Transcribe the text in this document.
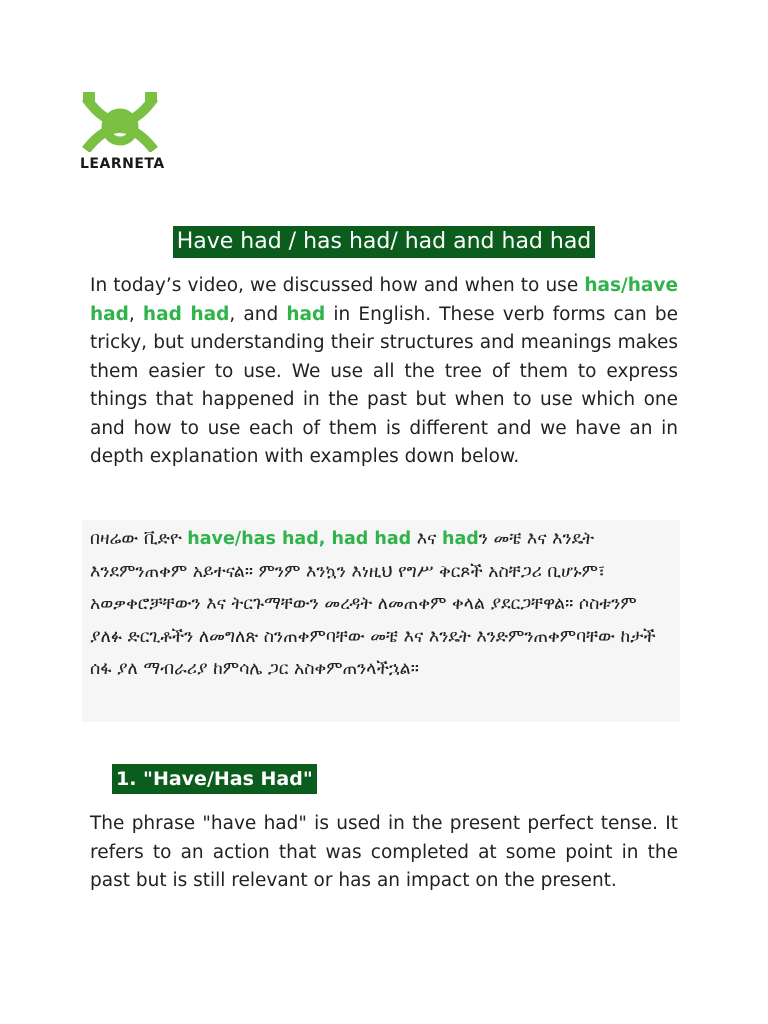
LEARNETA
Have had / has had/ had and had had

In today’s video, we discussed how and when to use has/have had, had had, and had in English. These verb forms can be tricky, but understanding their structures and meanings makes them easier to use. We use all the tree of them to express things that happened in the past but when to use which one and how to use each of them is different and we have an in depth explanation with examples down below.

በዛሬው ቪድዮ have/has had, had had እና hadን መቼ እና እንዴት እንደምንጠቀም አይተናል። ምንም እንኳን እነዚህ የግሥ ቅርጾች አስቸጋሪ ቢሆኑም፣ አወቃቀሮቻቸውን እና ትርጉማቸውን መረዳት ለመጠቀም ቀላል ያደርጋቸዋል። ሶስቱንም ያለፉ ድርጊቶችን ለመግለጽ ስንጠቀምባቸው መቼ እና እንዴት እንድምንጠቀምባቸው ከታች ሰፋ ያለ ማብራሪያ ከምሳሌ ጋር አስቀምጠንላችኋል።

1. "Have/Has Had"

The phrase "have had" is used in the present perfect tense. It refers to an action that was completed at some point in the past but is still relevant or has an impact on the present.
